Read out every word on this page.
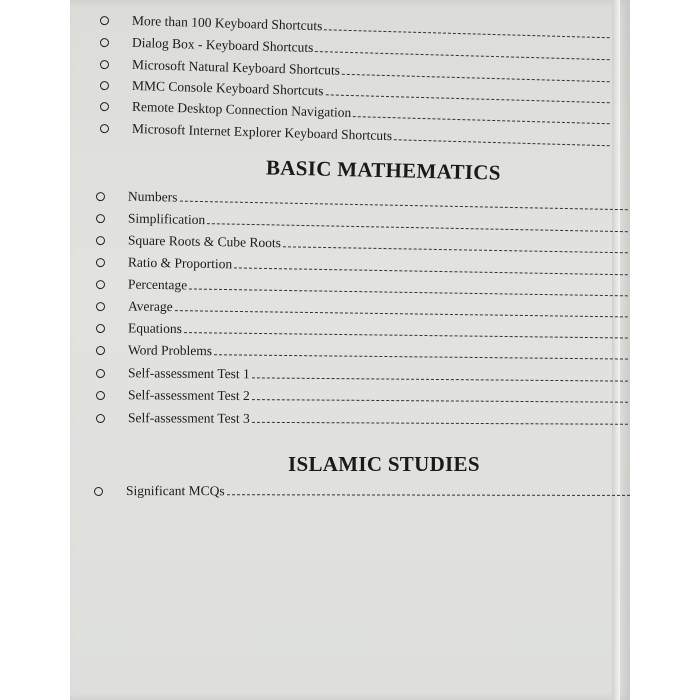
More than 100 Keyboard Shortcuts
Dialog Box - Keyboard Shortcuts
Microsoft Natural Keyboard Shortcuts
MMC Console Keyboard Shortcuts
Remote Desktop Connection Navigation
Microsoft Internet Explorer Keyboard Shortcuts
BASIC MATHEMATICS
Numbers
Simplification
Square Roots & Cube Roots
Ratio & Proportion
Percentage
Average
Equations
Word Problems
Self-assessment Test 1
Self-assessment Test 2
Self-assessment Test 3
ISLAMIC STUDIES
Significant MCQs
